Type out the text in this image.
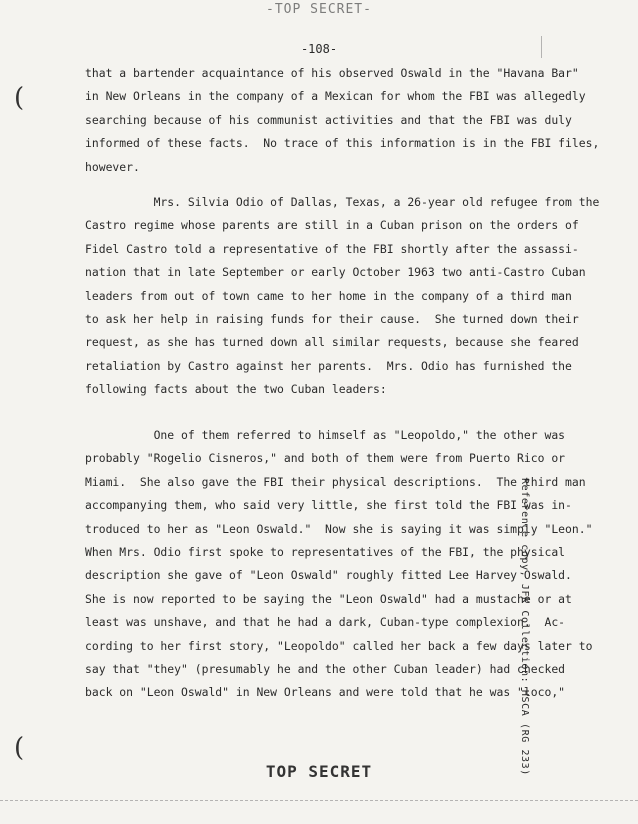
-TOP SECRET-
-108-
(

that a bartender acquaintance of his observed Oswald in the "Havana Bar"
in New Orleans in the company of a Mexican for whom the FBI was allegedly
searching because of his communist activities and that the FBI was duly
informed of these facts.  No trace of this information is in the FBI files,
however.

Mrs. Silvia Odio of Dallas, Texas, a 26-year old refugee from the
Castro regime whose parents are still in a Cuban prison on the orders of
Fidel Castro told a representative of the FBI shortly after the assassi-
nation that in late September or early October 1963 two anti-Castro Cuban
leaders from out of town came to her home in the company of a third man
to ask her help in raising funds for their cause.  She turned down their
request, as she has turned down all similar requests, because she feared
retaliation by Castro against her parents.  Mrs. Odio has furnished the
following facts about the two Cuban leaders:

One of them referred to himself as "Leopoldo," the other was
probably "Rogelio Cisneros," and both of them were from Puerto Rico or
Miami.  She also gave the FBI their physical descriptions.  The third man
accompanying them, who said very little, she first told the FBI was in-
troduced to her as "Leon Oswald."  Now she is saying it was simply "Leon."
When Mrs. Odio first spoke to representatives of the FBI, the physical
description she gave of "Leon Oswald" roughly fitted Lee Harvey Oswald.
She is now reported to be saying the "Leon Oswald" had a mustache or at
least was unshave, and that he had a dark, Cuban-type complexion.  Ac-
cording to her first story, "Leopoldo" called her back a few days later to
say that "they" (presumably he and the other Cuban leader) had checked
back on "Leon Oswald" in New Orleans and were told that he was "loco,"

Reference copy, JFK Collection: HSCA (RG 233)
(
TOP SECRET
